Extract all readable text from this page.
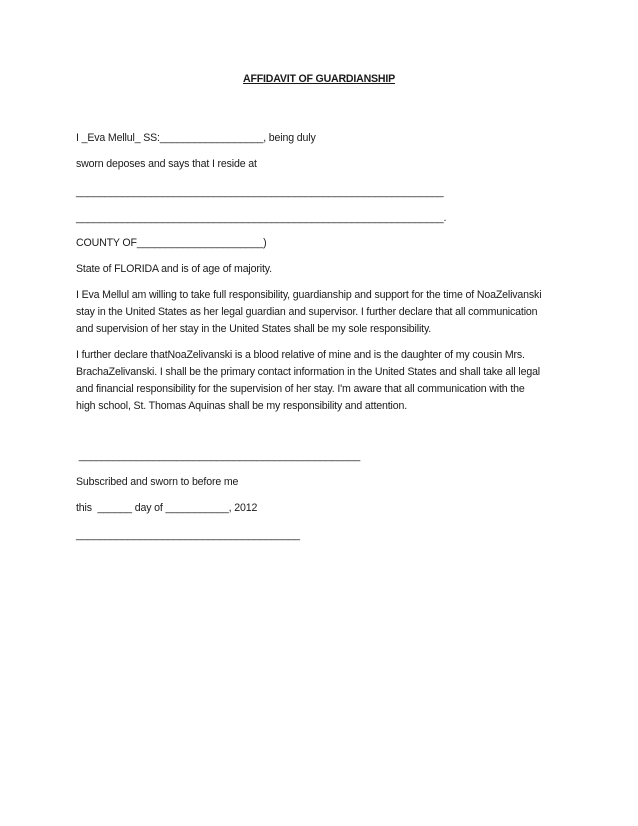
AFFIDAVIT OF GUARDIANSHIP
I _Eva Mellul_ SS:__________________, being duly
sworn deposes and says that I reside at
________________________________________________________________
________________________________________________________________.
COUNTY OF______________________)
State of FLORIDA and is of age of majority.
I Eva Mellul am willing to take full responsibility, guardianship and support for the time of NoaZelivanski
stay in the United States as her legal guardian and supervisor. I further declare that all communication
and supervision of her stay in the United States shall be my sole responsibility.
I further declare thatNoaZelivanski is a blood relative of mine and is the daughter of my cousin Mrs.
BrachaZelivanski. I shall be the primary contact information in the United States and shall take all legal
and financial responsibility for the supervision of her stay. I'm aware that all communication with the
high school, St. Thomas Aquinas shall be my responsibility and attention.
_________________________________________________
Subscribed and sworn to before me
this  ______ day of ___________, 2012
_______________________________________
